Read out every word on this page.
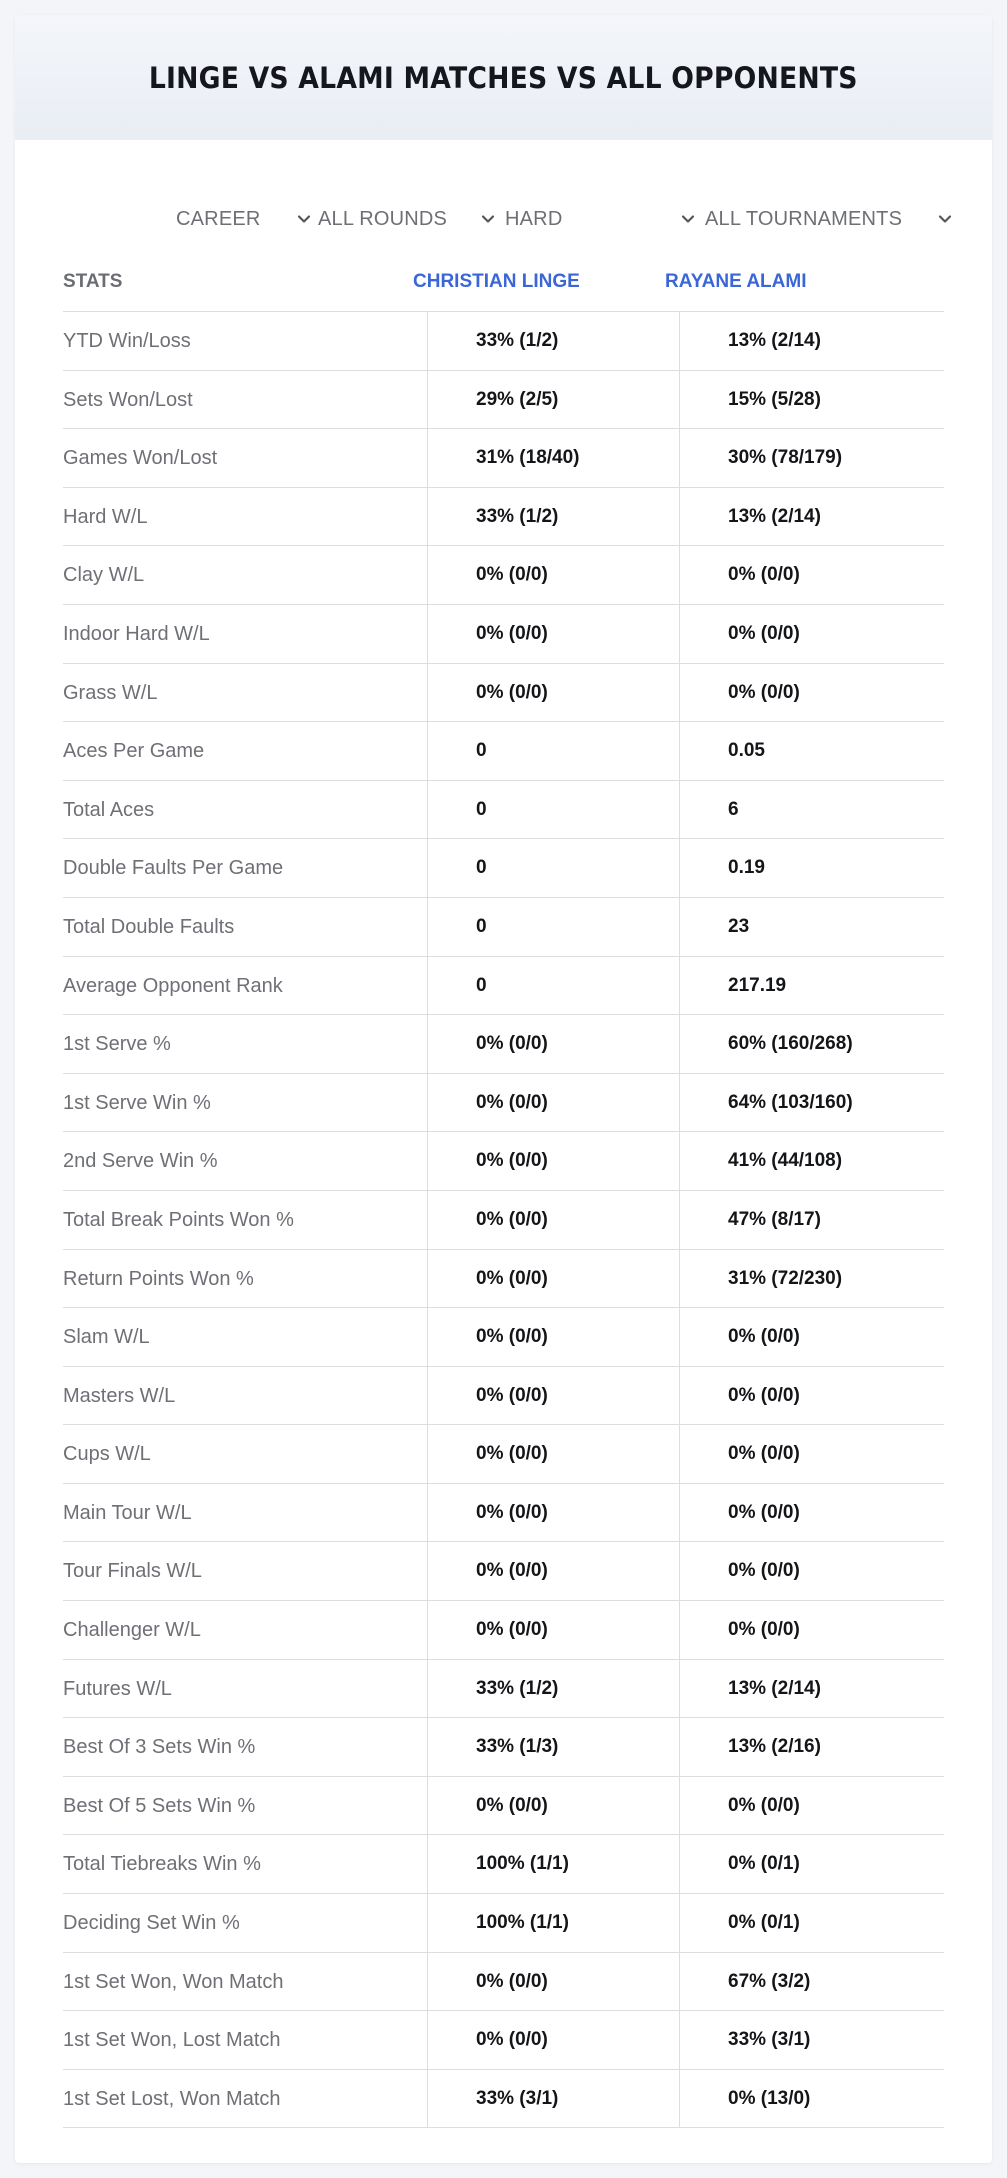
LINGE VS ALAMI MATCHES VS ALL OPPONENTS
CAREER	ALL ROUNDS	HARD	ALL TOURNAMENTS
STATS	CHRISTIAN LINGE	RAYANE ALAMI
YTD Win/Loss	33% (1/2)	13% (2/14)
Sets Won/Lost	29% (2/5)	15% (5/28)
Games Won/Lost	31% (18/40)	30% (78/179)
Hard W/L	33% (1/2)	13% (2/14)
Clay W/L	0% (0/0)	0% (0/0)
Indoor Hard W/L	0% (0/0)	0% (0/0)
Grass W/L	0% (0/0)	0% (0/0)
Aces Per Game	0	0.05
Total Aces	0	6
Double Faults Per Game	0	0.19
Total Double Faults	0	23
Average Opponent Rank	0	217.19
1st Serve %	0% (0/0)	60% (160/268)
1st Serve Win %	0% (0/0)	64% (103/160)
2nd Serve Win %	0% (0/0)	41% (44/108)
Total Break Points Won %	0% (0/0)	47% (8/17)
Return Points Won %	0% (0/0)	31% (72/230)
Slam W/L	0% (0/0)	0% (0/0)
Masters W/L	0% (0/0)	0% (0/0)
Cups W/L	0% (0/0)	0% (0/0)
Main Tour W/L	0% (0/0)	0% (0/0)
Tour Finals W/L	0% (0/0)	0% (0/0)
Challenger W/L	0% (0/0)	0% (0/0)
Futures W/L	33% (1/2)	13% (2/14)
Best Of 3 Sets Win %	33% (1/3)	13% (2/16)
Best Of 5 Sets Win %	0% (0/0)	0% (0/0)
Total Tiebreaks Win %	100% (1/1)	0% (0/1)
Deciding Set Win %	100% (1/1)	0% (0/1)
1st Set Won, Won Match	0% (0/0)	67% (3/2)
1st Set Won, Lost Match	0% (0/0)	33% (3/1)
1st Set Lost, Won Match	33% (3/1)	0% (13/0)
